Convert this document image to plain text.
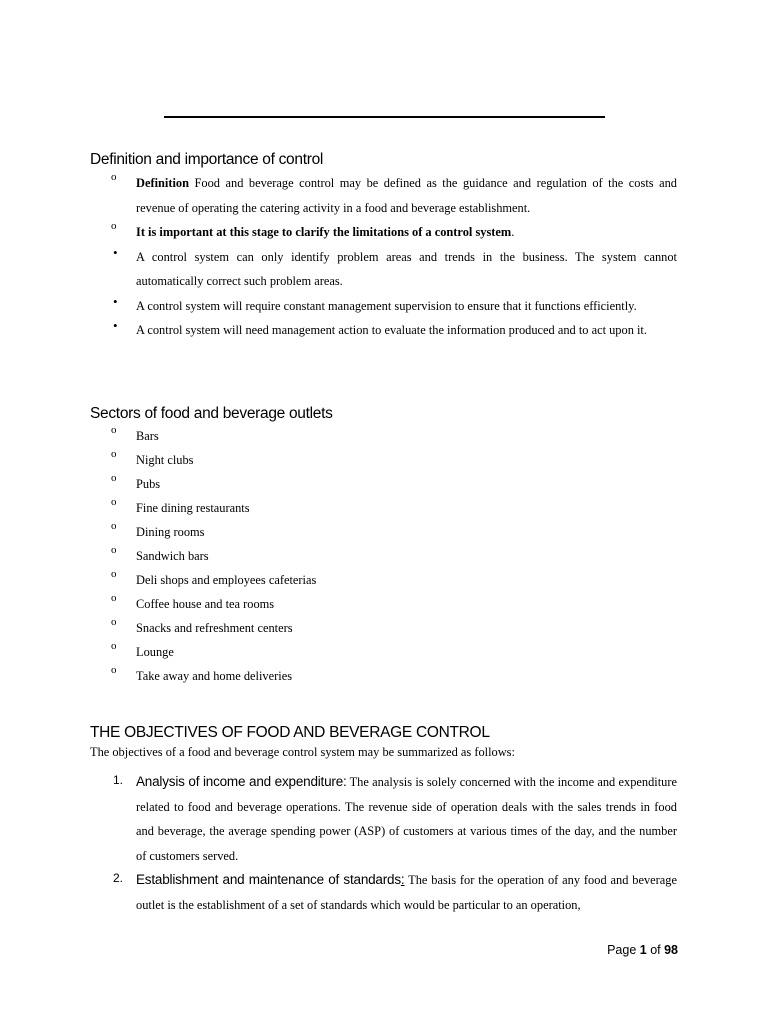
Definition and importance of control
o Definition Food and beverage control may be defined as the guidance and regulation of the costs and revenue of operating the catering activity in a food and beverage establishment.
o It is important at this stage to clarify the limitations of a control system.
• A control system can only identify problem areas and trends in the business. The system cannot automatically correct such problem areas.
• A control system will require constant management supervision to ensure that it functions efficiently.
• A control system will need management action to evaluate the information produced and to act upon it.
Sectors of food and beverage outlets
o Bars
o Night clubs
o Pubs
o Fine dining restaurants
o Dining rooms
o Sandwich bars
o Deli shops and employees cafeterias
o Coffee house and tea rooms
o Snacks and refreshment centers
o Lounge
o Take away and home deliveries
THE OBJECTIVES OF FOOD AND BEVERAGE CONTROL
The objectives of a food and beverage control system may be summarized as follows:
1. Analysis of income and expenditure: The analysis is solely concerned with the income and expenditure related to food and beverage operations. The revenue side of operation deals with the sales trends in food and beverage, the average spending power (ASP) of customers at various times of the day, and the number of customers served.
2. Establishment and maintenance of standards: The basis for the operation of any food and beverage outlet is the establishment of a set of standards which would be particular to an operation,
Page 1 of 98
